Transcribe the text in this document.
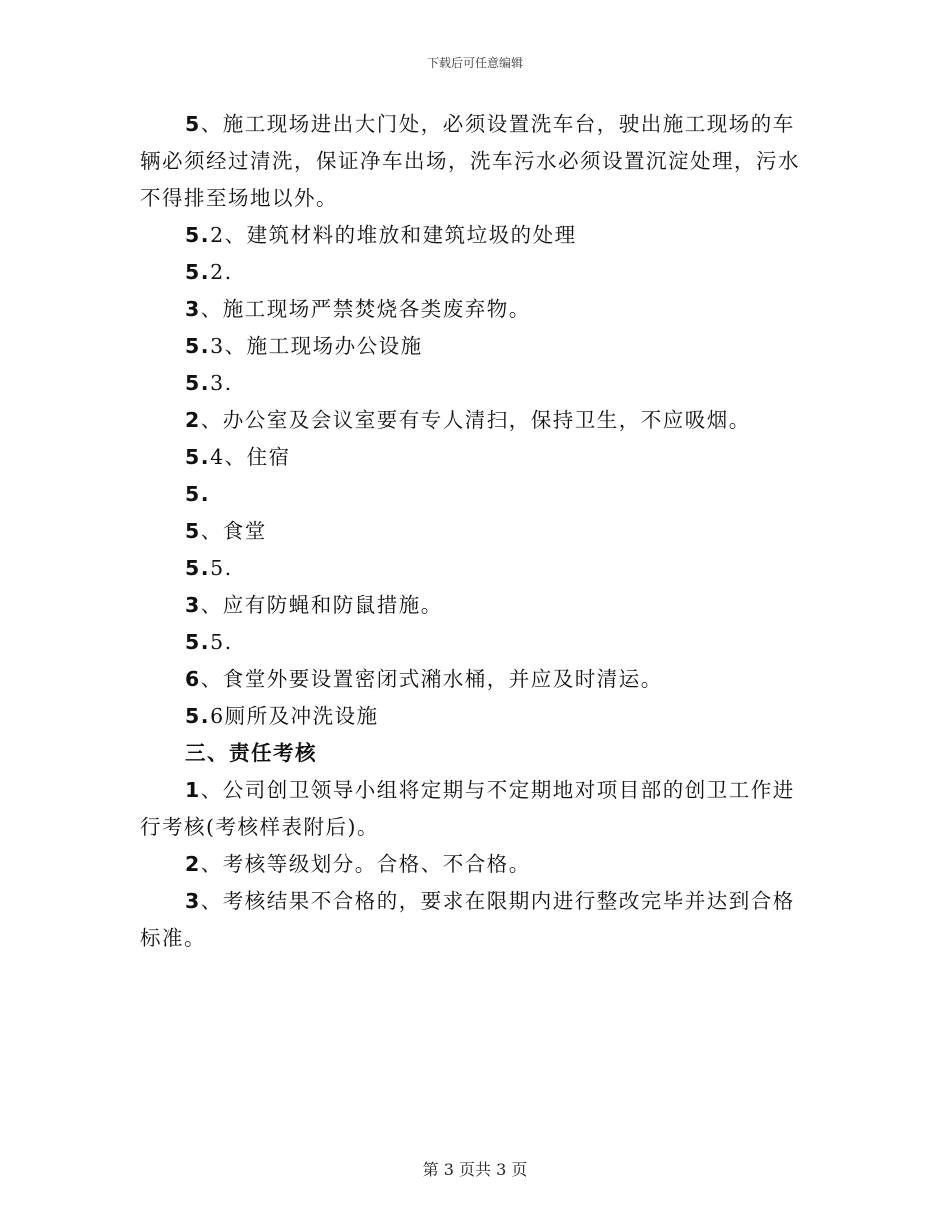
下载后可任意编辑

5、施工现场进出大门处，必须设置洗车台，驶出施工现场的车辆必须经过清洗，保证净车出场，洗车污水必须设置沉淀处理，污水不得排至场地以外。

5.2、建筑材料的堆放和建筑垃圾的处理

5.2.

3、施工现场严禁焚烧各类废弃物。

5.3、施工现场办公设施

5.3.

2、办公室及会议室要有专人清扫，保持卫生，不应吸烟。

5.4、住宿

5.

5、食堂

5.5.

3、应有防蝇和防鼠措施。

5.5.

6、食堂外要设置密闭式潲水桶，并应及时清运。

5.6厕所及冲洗设施

三、责任考核

1、公司创卫领导小组将定期与不定期地对项目部的创卫工作进行考核(考核样表附后)。

2、考核等级划分。合格、不合格。

3、考核结果不合格的，要求在限期内进行整改完毕并达到合格标准。

第 3 页共 3 页
